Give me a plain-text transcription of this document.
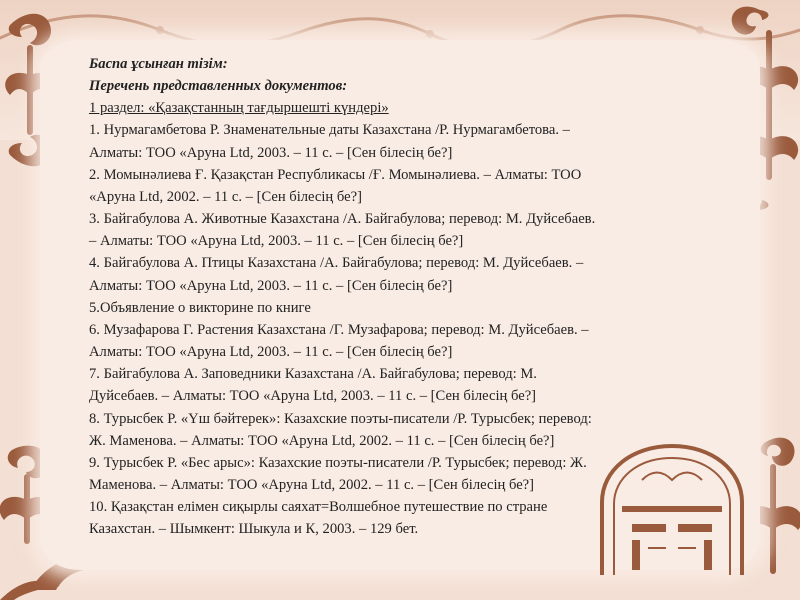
Баспа ұсынған тізім:
Перечень представленных документов:
1 раздел: «Қазақстанның тағдыршешті күндері»
1. Нурмагамбетова Р. Знаменательные даты Казахстана /Р. Нурмагамбетова. –
Алматы: ТОО «Аруна Ltd, 2003. – 11 с. – [Сен білесің бе?]
2. Момынәлиева Ғ. Қазақстан Республикасы /Ғ. Момынәлиева. – Алматы: ТОО
«Аруна Ltd, 2002. – 11 с. – [Сен білесің бе?]
3. Байгабулова А. Животные Казахстана /А. Байгабулова; перевод: М. Дуйсебаев.
– Алматы: ТОО «Аруна Ltd, 2003. – 11 с. – [Сен білесің бе?]
4. Байгабулова А. Птицы Казахстана /А. Байгабулова; перевод: М. Дуйсебаев. –
Алматы: ТОО «Аруна Ltd, 2003. – 11 с. – [Сен білесің бе?]
5.Объявление о викторине по книге
6. Музафарова Г. Растения Казахстана /Г. Музафарова; перевод: М. Дуйсебаев. –
Алматы: ТОО «Аруна Ltd, 2003. – 11 с. – [Сен білесің бе?]
7. Байгабулова А. Заповедники Казахстана /А. Байгабулова; перевод: М.
Дуйсебаев. – Алматы: ТОО «Аруна Ltd, 2003. – 11 с. – [Сен білесің бе?]
8. Турысбек Р. «Үш бәйтерек»: Казахские поэты-писатели /Р. Турысбек; перевод:
Ж. Маменова. – Алматы: ТОО «Аруна Ltd, 2002. – 11 с. – [Сен білесің бе?]
9. Турысбек Р. «Бес арыс»: Казахские поэты-писатели /Р. Турысбек; перевод: Ж.
Маменова. – Алматы: ТОО «Аруна Ltd, 2002. – 11 с. – [Сен білесің бе?]
10. Қазақстан елімен сиқырлы саяхат=Волшебное путешествие по стране
Казахстан. – Шымкент: Шыкула и К, 2003. – 129 бет.
